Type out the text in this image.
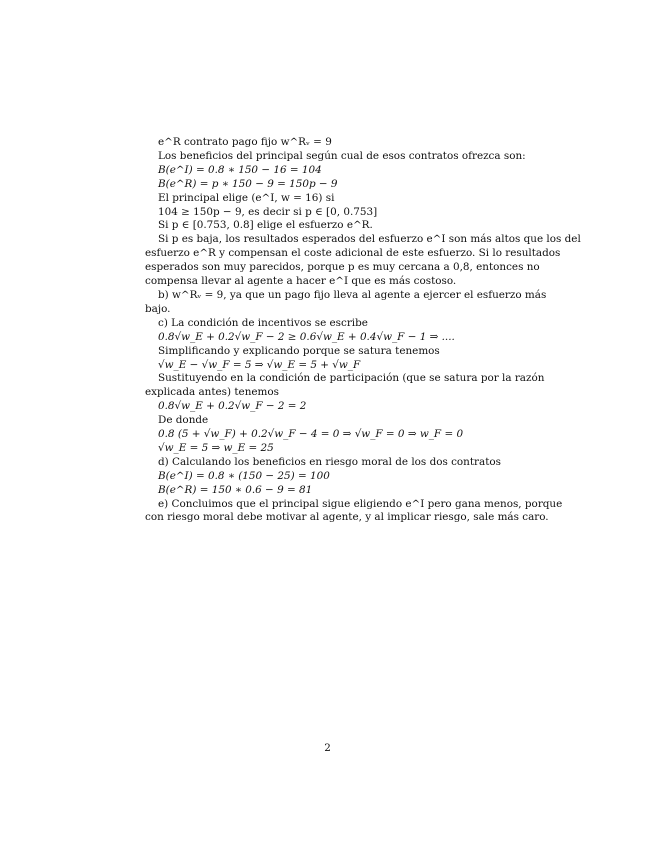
e^R contrato pago fijo w^Rᵥ = 9
Los beneficios del principal según cual de esos contratos ofrezca son:
B(e^I) = 0.8 ∗ 150 − 16 = 104
B(e^R) = p ∗ 150 − 9 = 150p − 9
El principal elige (e^I, w = 16) si
104 ≥ 150p − 9, es decir si p ∈ [0, 0.753]
Si p ∈ [0.753, 0.8] elige el esfuerzo e^R.
Si p es baja, los resultados esperados del esfuerzo e^I son más altos que los del
esfuerzo e^R y compensan el coste adicional de este esfuerzo. Si lo resultados
esperados son muy parecidos, porque p es muy cercana a 0,8, entonces no
compensa llevar al agente a hacer e^I que es más costoso.
b) w^Rᵥ = 9, ya que un pago fijo lleva al agente a ejercer el esfuerzo más
bajo.
c) La condición de incentivos se escribe
0.8√w_E + 0.2√w_F − 2 ≥ 0.6√w_E + 0.4√w_F − 1 ⇒ ....
Simplificando y explicando porque se satura tenemos
√w_E − √w_F = 5 ⇒ √w_E = 5 + √w_F
Sustituyendo en la condición de participación (que se satura por la razón
explicada antes) tenemos
0.8√w_E + 0.2√w_F − 2 = 2
De donde
0.8 (5 + √w_F) + 0.2√w_F − 4 = 0 ⇒ √w_F = 0 ⇒ w_F = 0
√w_E = 5 ⇒ w_E = 25
d) Calculando los beneficios en riesgo moral de los dos contratos
B(e^I) = 0.8 ∗ (150 − 25) = 100
B(e^R) = 150 ∗ 0.6 − 9 = 81
e) Concluimos que el principal sigue eligiendo e^I pero gana menos, porque
con riesgo moral debe motivar al agente, y al implicar riesgo, sale más caro.
2
